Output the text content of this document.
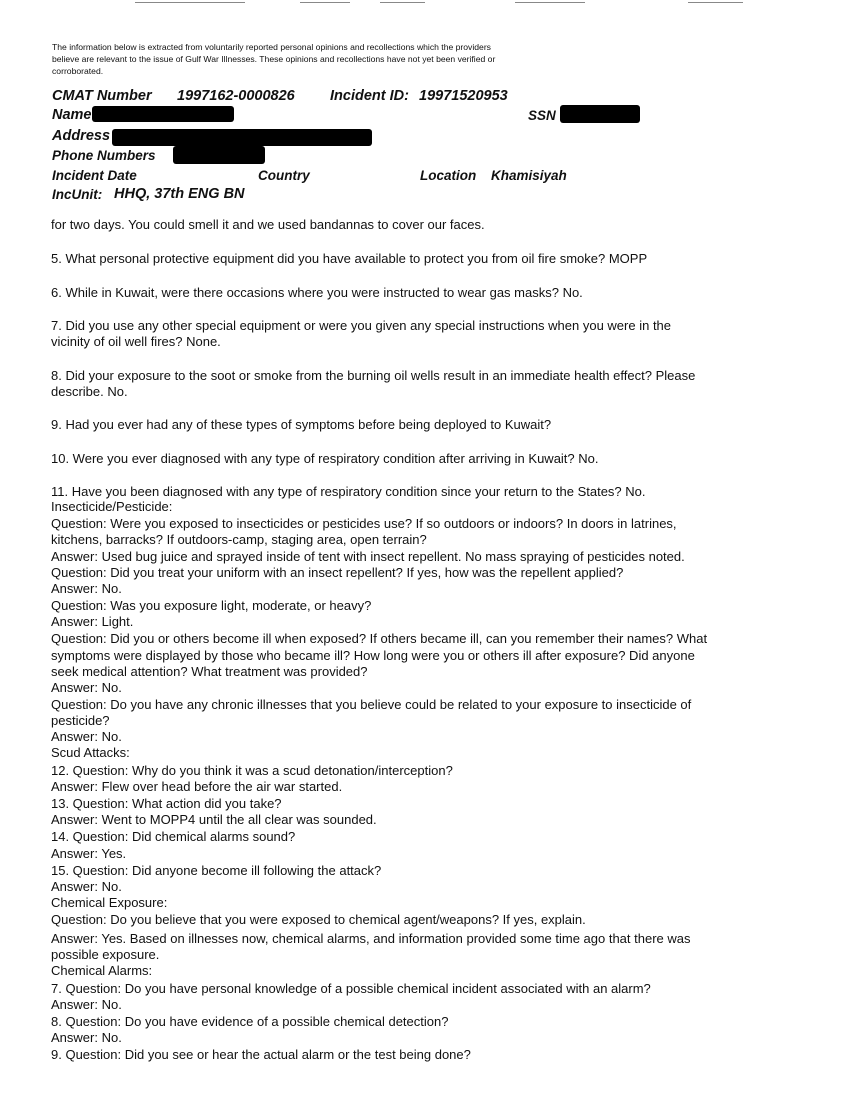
The information below is extracted from voluntarily reported personal opinions and recollections which the providers
believe are relevant to the issue of Gulf War Illnesses. These opinions and recollections have not yet been verified or
corroborated.
CMAT Number 1997162-0000826 Incident ID: 19971520953
Name	SSN
Address
Phone Numbers
Incident Date	Country	Location Khamisiyah
IncUnit: HHQ, 37th ENG BN
for two days. You could smell it and we used bandannas to cover our faces.
5. What personal protective equipment did you have available to protect you from oil fire smoke? MOPP
6. While in Kuwait, were there occasions where you were instructed to wear gas masks? No.
7. Did you use any other special equipment or were you given any special instructions when you were in the
vicinity of oil well fires? None.
8. Did your exposure to the soot or smoke from the burning oil wells result in an immediate health effect? Please
describe. No.
9. Had you ever had any of these types of symptoms before being deployed to Kuwait?
10. Were you ever diagnosed with any type of respiratory condition after arriving in Kuwait? No.
11. Have you been diagnosed with any type of respiratory condition since your return to the States? No.
Insecticide/Pesticide:
Question: Were you exposed to insecticides or pesticides use? If so outdoors or indoors? In doors in latrines,
kitchens, barracks? If outdoors-camp, staging area, open terrain?
Answer: Used bug juice and sprayed inside of tent with insect repellent. No mass spraying of pesticides noted.
Question: Did you treat your uniform with an insect repellent? If yes, how was the repellent applied?
Answer: No.
Question: Was you exposure light, moderate, or heavy?
Answer: Light.
Question: Did you or others become ill when exposed? If others became ill, can you remember their names? What
symptoms were displayed by those who became ill? How long were you or others ill after exposure? Did anyone
seek medical attention? What treatment was provided?
Answer: No.
Question: Do you have any chronic illnesses that you believe could be related to your exposure to insecticide of
pesticide?
Answer: No.
Scud Attacks:
12. Question: Why do you think it was a scud detonation/interception?
Answer: Flew over head before the air war started.
13. Question: What action did you take?
Answer: Went to MOPP4 until the all clear was sounded.
14. Question: Did chemical alarms sound?
Answer: Yes.
15. Question: Did anyone become ill following the attack?
Answer: No.
Chemical Exposure:
Question: Do you believe that you were exposed to chemical agent/weapons? If yes, explain.
Answer: Yes. Based on illnesses now, chemical alarms, and information provided some time ago that there was
possible exposure.
Chemical Alarms:
7. Question: Do you have personal knowledge of a possible chemical incident associated with an alarm?
Answer: No.
8. Question: Do you have evidence of a possible chemical detection?
Answer: No.
9. Question: Did you see or hear the actual alarm or the test being done?
